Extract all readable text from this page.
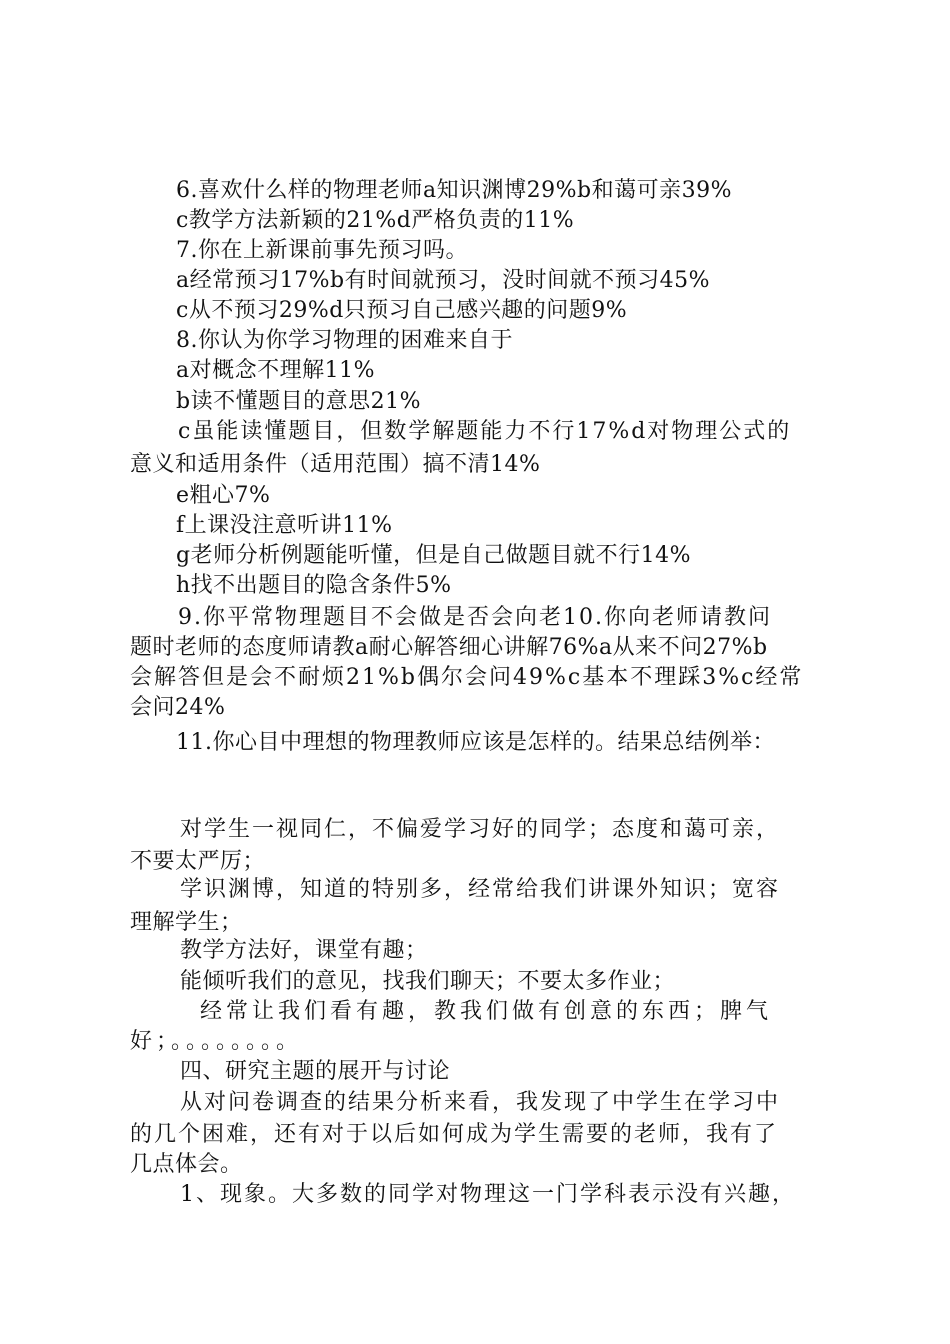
6.喜欢什么样的物理老师a知识渊博29%b和蔼可亲39%

c教学方法新颖的21%d严格负责的11%

7.你在上新课前事先预习吗。

a经常预习17%b有时间就预习，没时间就不预习45%

c从不预习29%d只预习自己感兴趣的问题9%

8.你认为你学习物理的困难来自于

a对概念不理解11%

b读不懂题目的意思21%

c虽能读懂题目，但数学解题能力不行17%d对物理公式的

意义和适用条件（适用范围）搞不清14%

e粗心7%

f上课没注意听讲11%

g老师分析例题能听懂，但是自己做题目就不行14%

h找不出题目的隐含条件5%

9.你平常物理题目不会做是否会向老10.你向老师请教问

题时老师的态度师请教a耐心解答细心讲解76%a从来不问27%b

会解答但是会不耐烦21%b偶尔会问49%c基本不理踩3%c经常

会问24%

11.你心目中理想的物理教师应该是怎样的。结果总结例举：

对学生一视同仁，不偏爱学习好的同学；态度和蔼可亲，

不要太严厉；

学识渊博，知道的特别多，经常给我们讲课外知识；宽容

理解学生；

教学方法好，课堂有趣；

能倾听我们的意见，找我们聊天；不要太多作业；

经常让我们看有趣，教我们做有创意的东西；脾气

好；。。。。。。。。

四、研究主题的展开与讨论

从对问卷调查的结果分析来看，我发现了中学生在学习中

的几个困难，还有对于以后如何成为学生需要的老师，我有了

几点体会。

1、现象。大多数的同学对物理这一门学科表示没有兴趣，
